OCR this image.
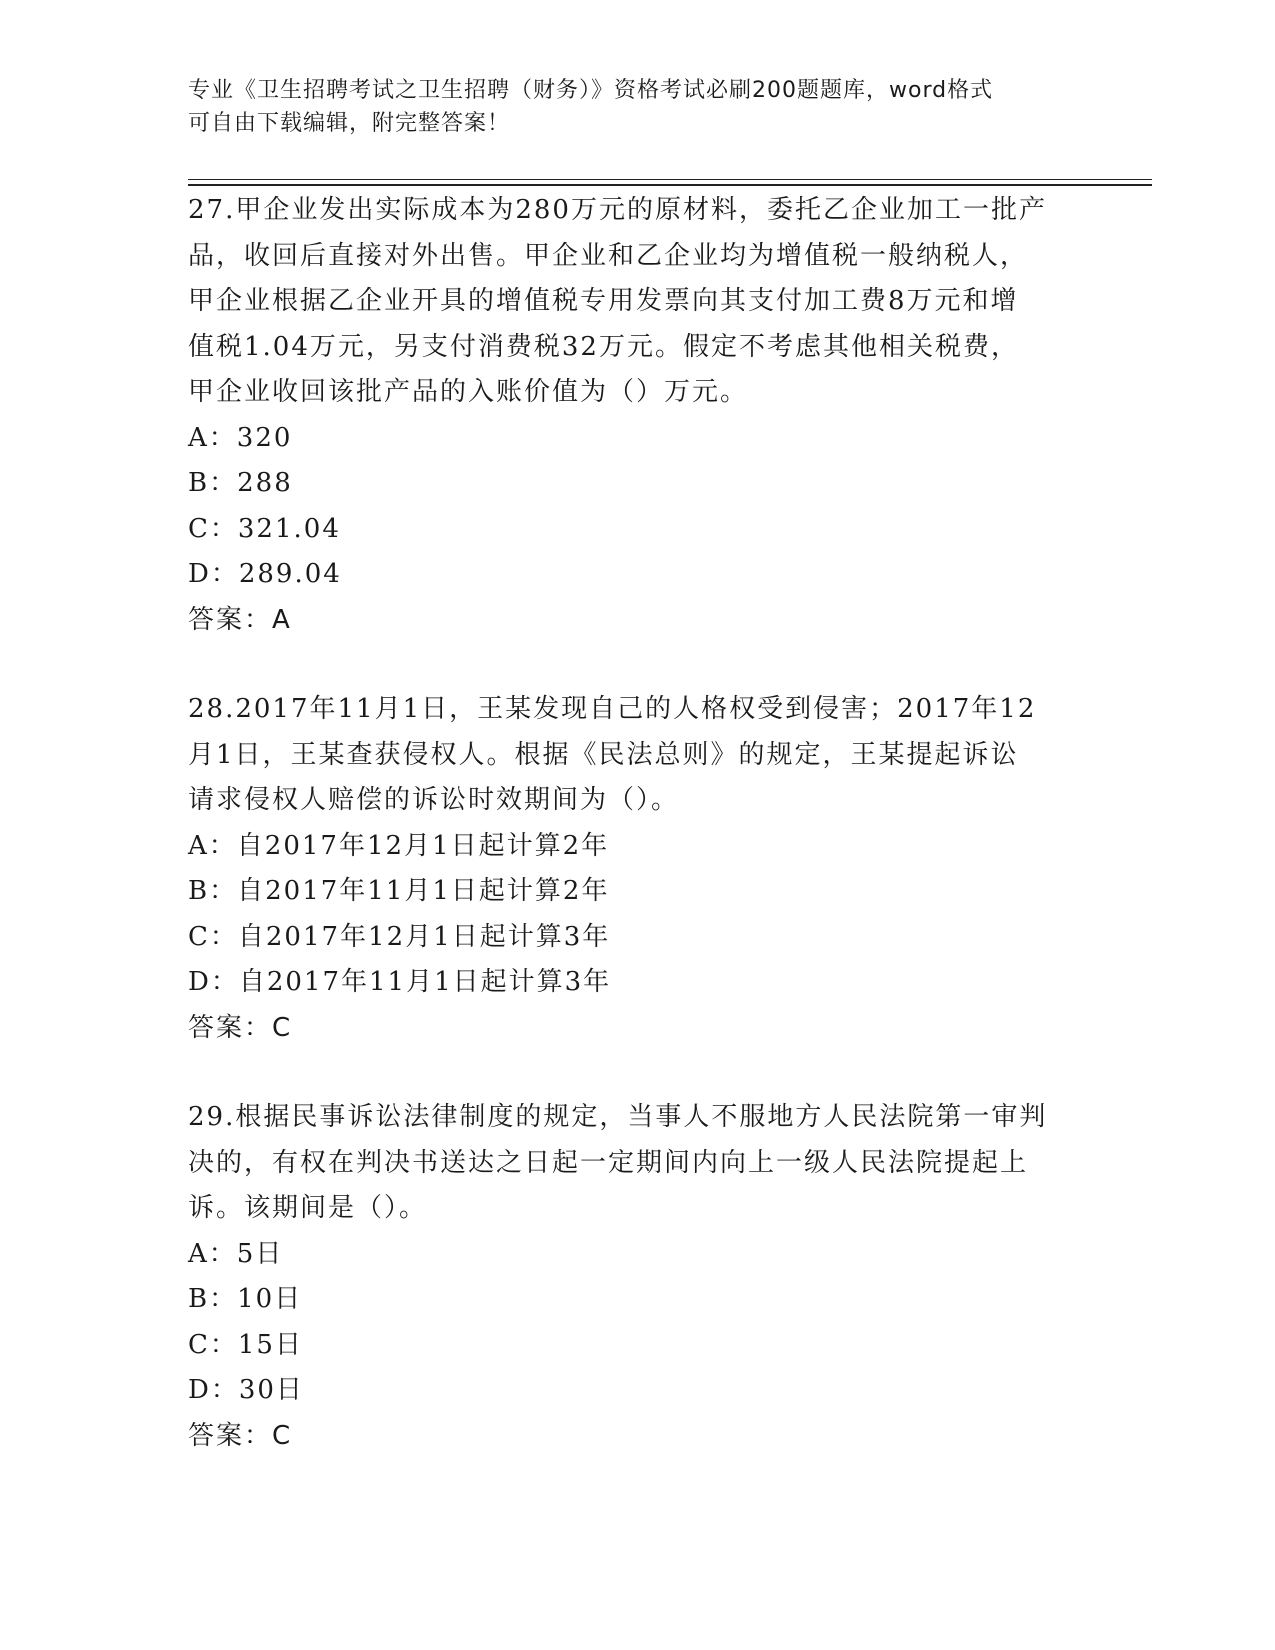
专业《卫生招聘考试之卫生招聘（财务）》资格考试必刷200题题库，word格式
可自由下载编辑，附完整答案！
27.甲企业发出实际成本为280万元的原材料，委托乙企业加工一批产
品，收回后直接对外出售。甲企业和乙企业均为增值税一般纳税人，
甲企业根据乙企业开具的增值税专用发票向其支付加工费8万元和增
值税1.04万元，另支付消费税32万元。假定不考虑其他相关税费，
甲企业收回该批产品的入账价值为（）万元。
A：320
B：288
C：321.04
D：289.04
答案：A
28.2017年11月1日，王某发现自己的人格权受到侵害；2017年12
月1日，王某查获侵权人。根据《民法总则》的规定，王某提起诉讼
请求侵权人赔偿的诉讼时效期间为（）。
A：自2017年12月1日起计算2年
B：自2017年11月1日起计算2年
C：自2017年12月1日起计算3年
D：自2017年11月1日起计算3年
答案：C
29.根据民事诉讼法律制度的规定，当事人不服地方人民法院第一审判
决的，有权在判决书送达之日起一定期间内向上一级人民法院提起上
诉。该期间是（）。
A：5日
B：10日
C：15日
D：30日
答案：C
